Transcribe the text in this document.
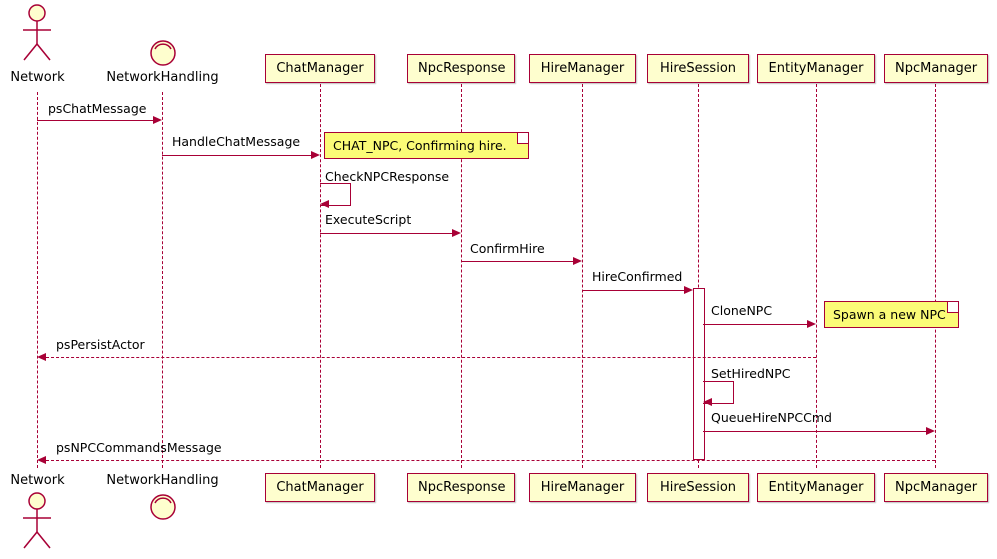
Network	NetworkHandling
ChatManager	NpcResponse	HireManager	HireSession	EntityManager	NpcManager
Network	NetworkHandling	ChatManager	NpcResponse	HireManager	HireSession	EntityManager	NpcManager
psChatMessage
HandleChatMessage
CheckNPCResponse
ExecuteScript
ConfirmHire
HireConfirmed
CloneNPC
psPersistActor
SetHiredNPC
QueueHireNPCCmd
psNPCCommandsMessage
CHAT_NPC, Confirming hire.
Spawn a new NPC
